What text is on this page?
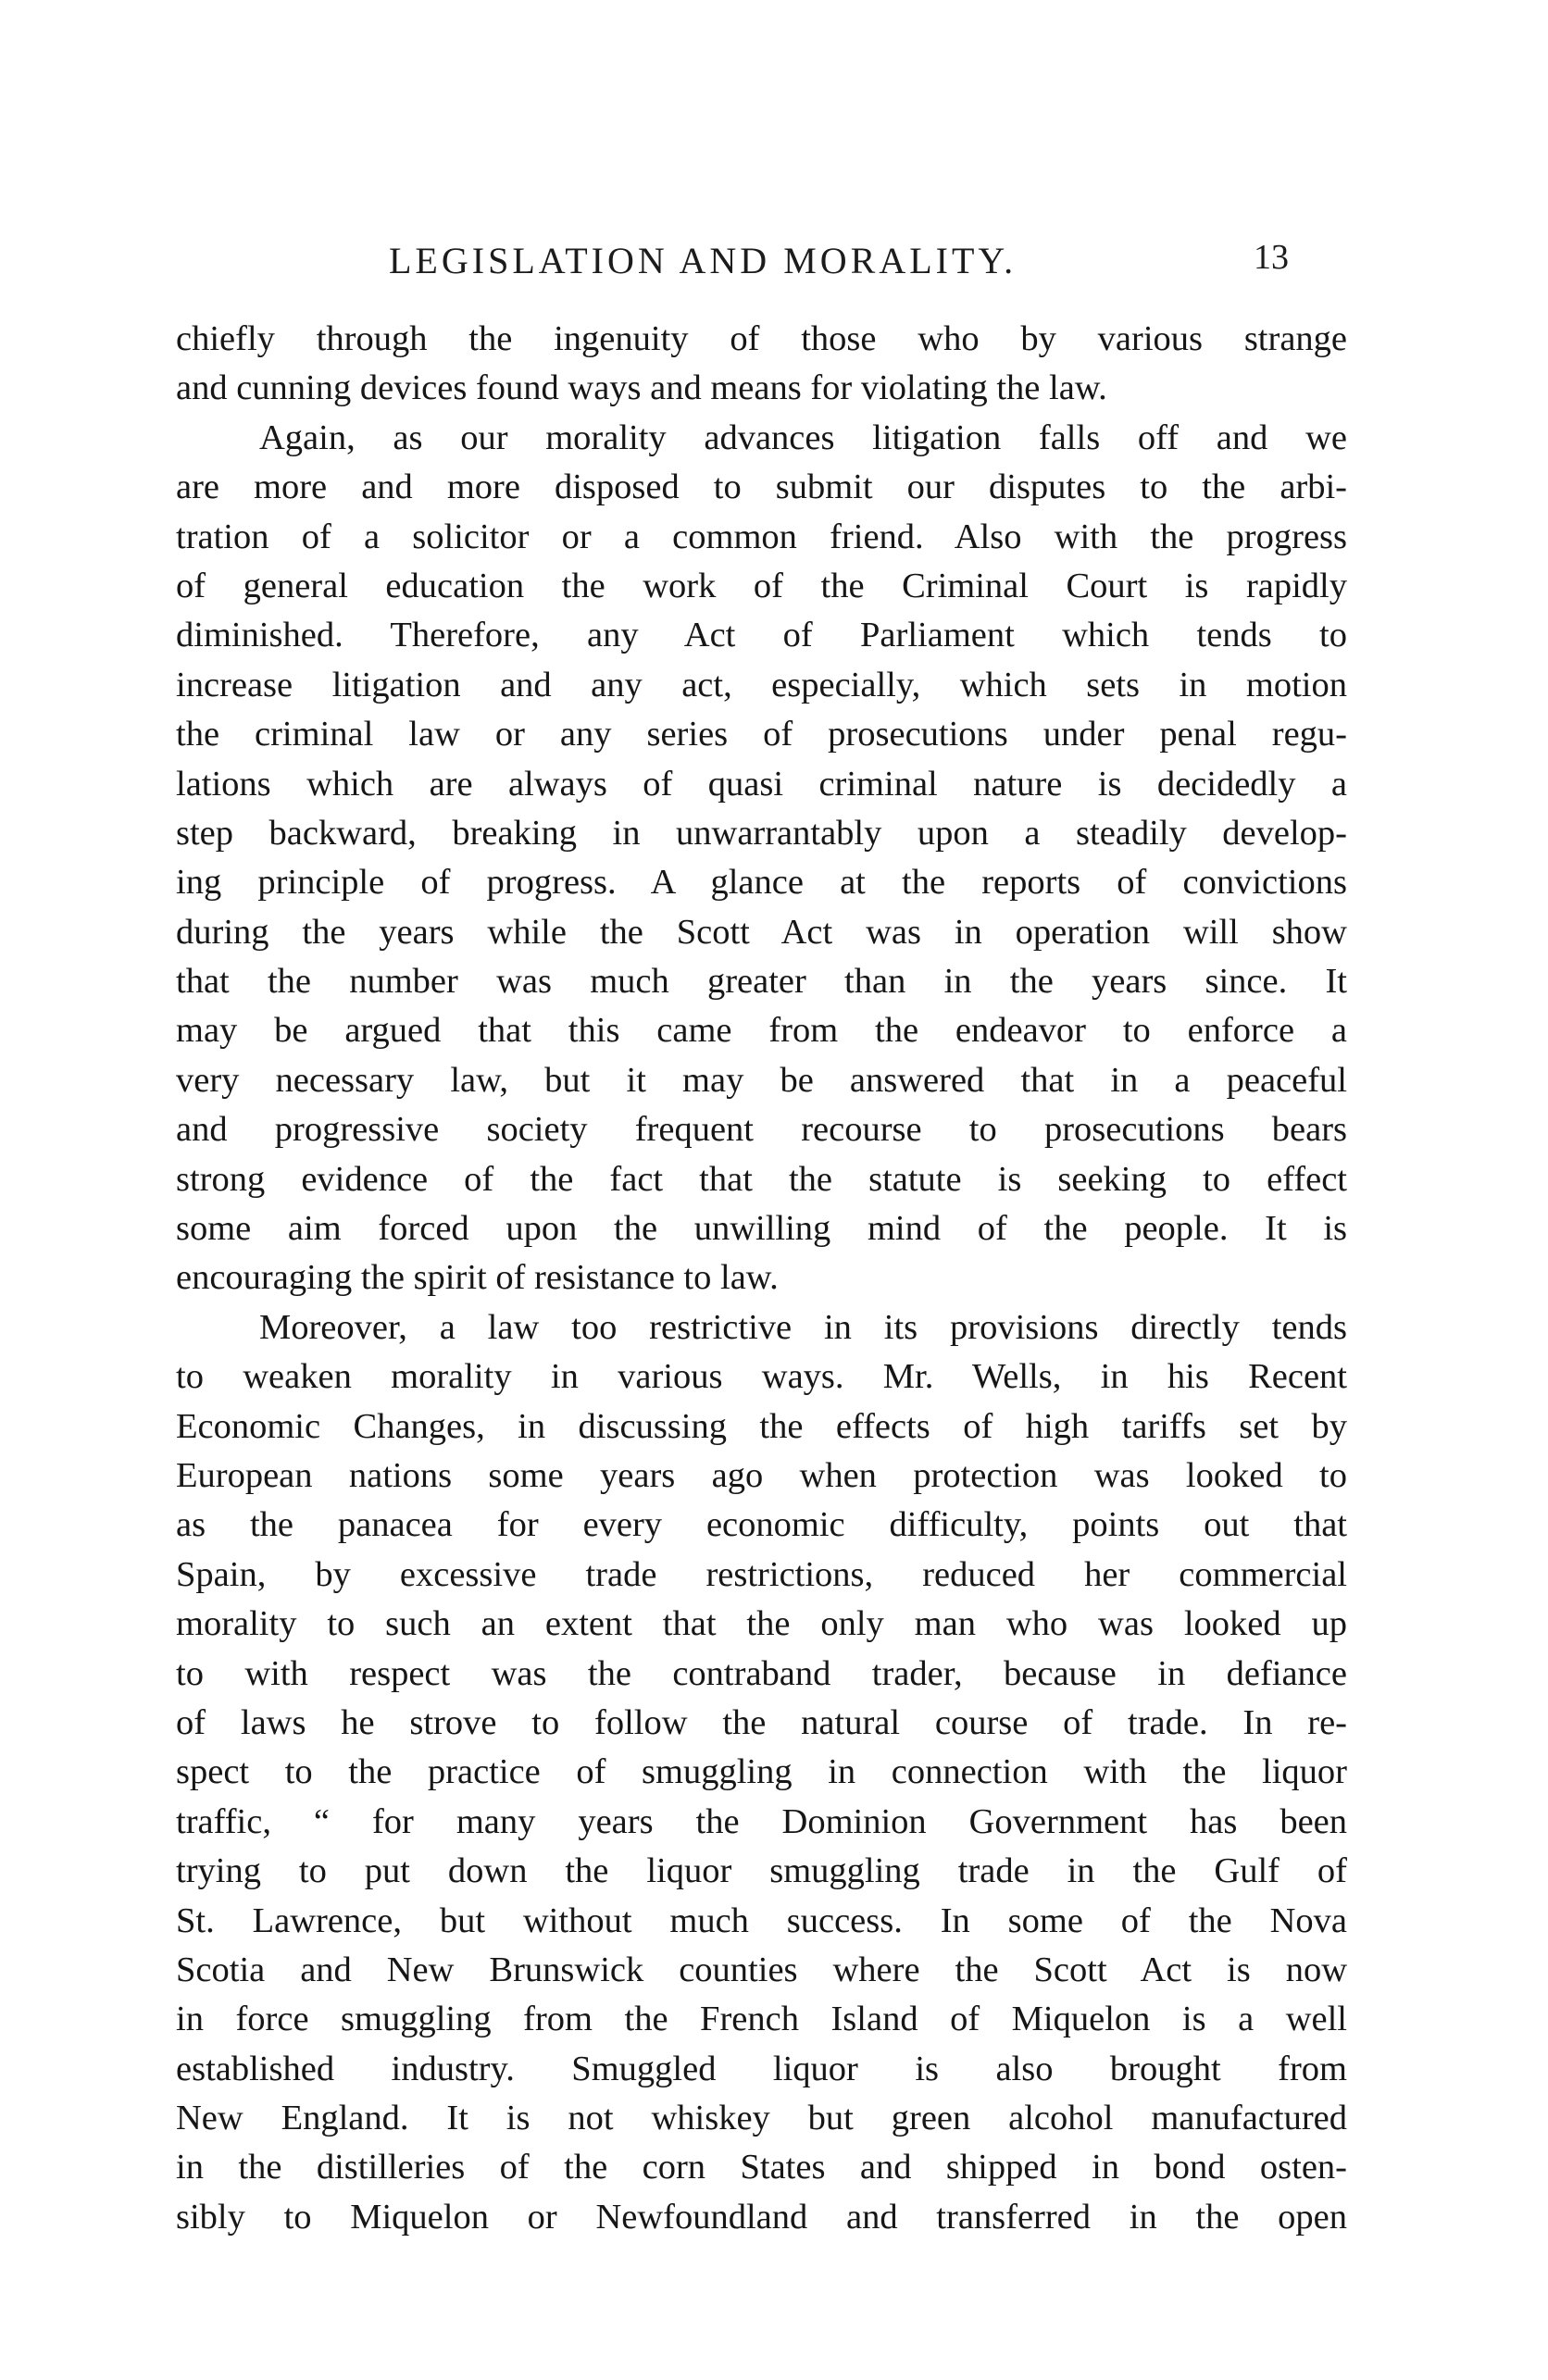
LEGISLATION AND MORALITY.	13
chiefly through the ingenuity of those who by various strange
and cunning devices found ways and means for violating the law.
Again, as our morality advances litigation falls off and we
are more and more disposed to submit our disputes to the arbi-
tration of a solicitor or a common friend. Also with the progress
of general education the work of the Criminal Court is rapidly
diminished. Therefore, any Act of Parliament which tends to
increase litigation and any act, especially, which sets in motion
the criminal law or any series of prosecutions under penal regu-
lations which are always of quasi criminal nature is decidedly a
step backward, breaking in unwarrantably upon a steadily develop-
ing principle of progress. A glance at the reports of convictions
during the years while the Scott Act was in operation will show
that the number was much greater than in the years since. It
may be argued that this came from the endeavor to enforce a
very necessary law, but it may be answered that in a peaceful
and progressive society frequent recourse to prosecutions bears
strong evidence of the fact that the statute is seeking to effect
some aim forced upon the unwilling mind of the people. It is
encouraging the spirit of resistance to law.
Moreover, a law too restrictive in its provisions directly tends
to weaken morality in various ways. Mr. Wells, in his Recent
Economic Changes, in discussing the effects of high tariffs set by
European nations some years ago when protection was looked to
as the panacea for every economic difficulty, points out that
Spain, by excessive trade restrictions, reduced her commercial
morality to such an extent that the only man who was looked up
to with respect was the contraband trader, because in defiance
of laws he strove to follow the natural course of trade. In re-
spect to the practice of smuggling in connection with the liquor
traffic, “ for many years the Dominion Government has been
trying to put down the liquor smuggling trade in the Gulf of
St. Lawrence, but without much success. In some of the Nova
Scotia and New Brunswick counties where the Scott Act is now
in force smuggling from the French Island of Miquelon is a well
established industry. Smuggled liquor is also brought from
New England. It is not whiskey but green alcohol manufactured
in the distilleries of the corn States and shipped in bond osten-
sibly to Miquelon or Newfoundland and transferred in the open
